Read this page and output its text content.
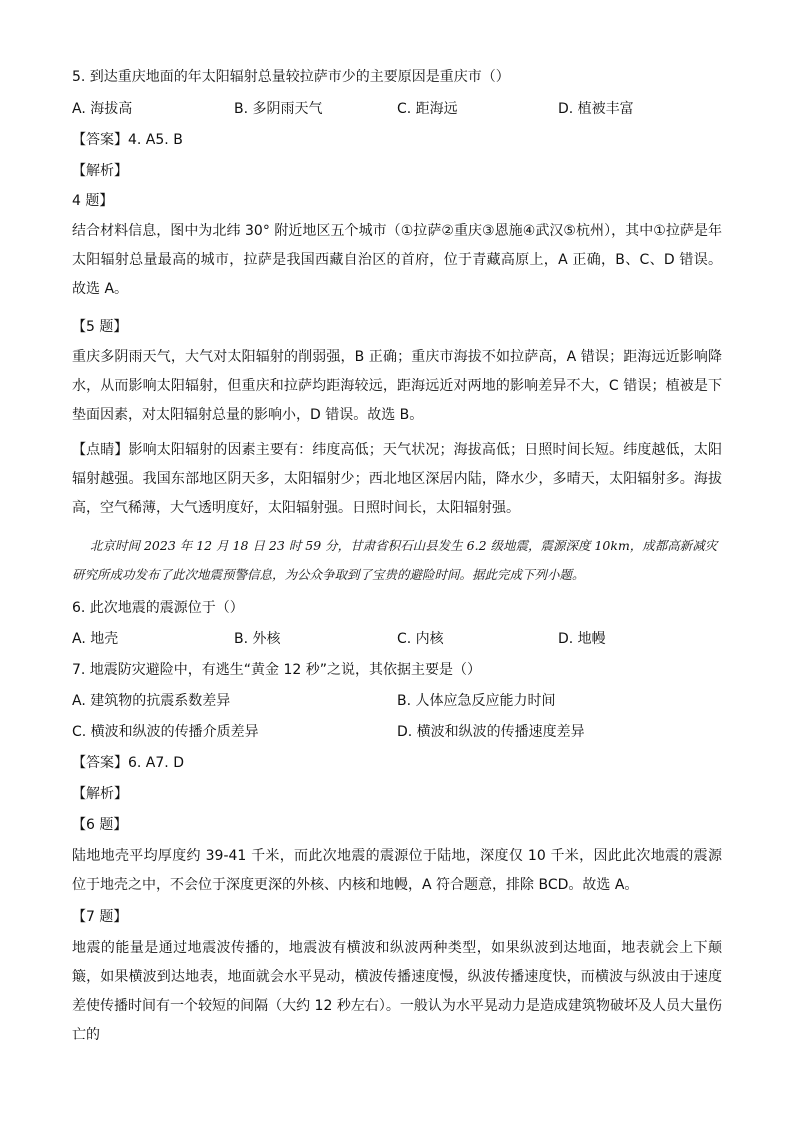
5. 到达重庆地面的年太阳辐射总量较拉萨市少的主要原因是重庆市（）
A. 海拔高	B. 多阴雨天气	C. 距海远	D. 植被丰富
【答案】4. A5. B
【解析】
4 题】
结合材料信息，图中为北纬 30° 附近地区五个城市（①拉萨②重庆③恩施④武汉⑤杭州），其中①拉萨是年太阳辐射总量最高的城市，拉萨是我国西藏自治区的首府，位于青藏高原上，A 正确，B、C、D 错误。故选 A。
【5 题】
重庆多阴雨天气，大气对太阳辐射的削弱强，B 正确；重庆市海拔不如拉萨高，A 错误；距海远近影响降水，从而影响太阳辐射，但重庆和拉萨均距海较远，距海远近对两地的影响差异不大，C 错误；植被是下垫面因素，对太阳辐射总量的影响小，D 错误。故选 B。
【点睛】影响太阳辐射的因素主要有：纬度高低；天气状况；海拔高低；日照时间长短。纬度越低，太阳辐射越强。我国东部地区阴天多，太阳辐射少；西北地区深居内陆，降水少，多晴天，太阳辐射多。海拔高，空气稀薄，大气透明度好，太阳辐射强。日照时间长，太阳辐射强。
北京时间 2023 年 12 月 18 日 23 时 59 分，甘肃省积石山县发生 6.2 级地震，震源深度 10km，成都高新减灾研究所成功发布了此次地震预警信息，为公众争取到了宝贵的避险时间。据此完成下列小题。
6. 此次地震的震源位于（）
A. 地壳	B. 外核	C. 内核	D. 地幔
7. 地震防灾避险中，有逃生“黄金 12 秒”之说，其依据主要是（）
A. 建筑物的抗震系数差异	B. 人体应急反应能力时间
C. 横波和纵波的传播介质差异	D. 横波和纵波的传播速度差异
【答案】6. A7. D
【解析】
【6 题】
陆地地壳平均厚度约 39-41 千米，而此次地震的震源位于陆地，深度仅 10 千米，因此此次地震的震源位于地壳之中，不会位于深度更深的外核、内核和地幔，A 符合题意，排除 BCD。故选 A。
【7 题】
地震的能量是通过地震波传播的，地震波有横波和纵波两种类型，如果纵波到达地面，地表就会上下颠簸，如果横波到达地表，地面就会水平晃动，横波传播速度慢，纵波传播速度快，而横波与纵波由于速度差使传播时间有一个较短的间隔（大约 12 秒左右）。一般认为水平晃动力是造成建筑物破坏及人员大量伤亡的
